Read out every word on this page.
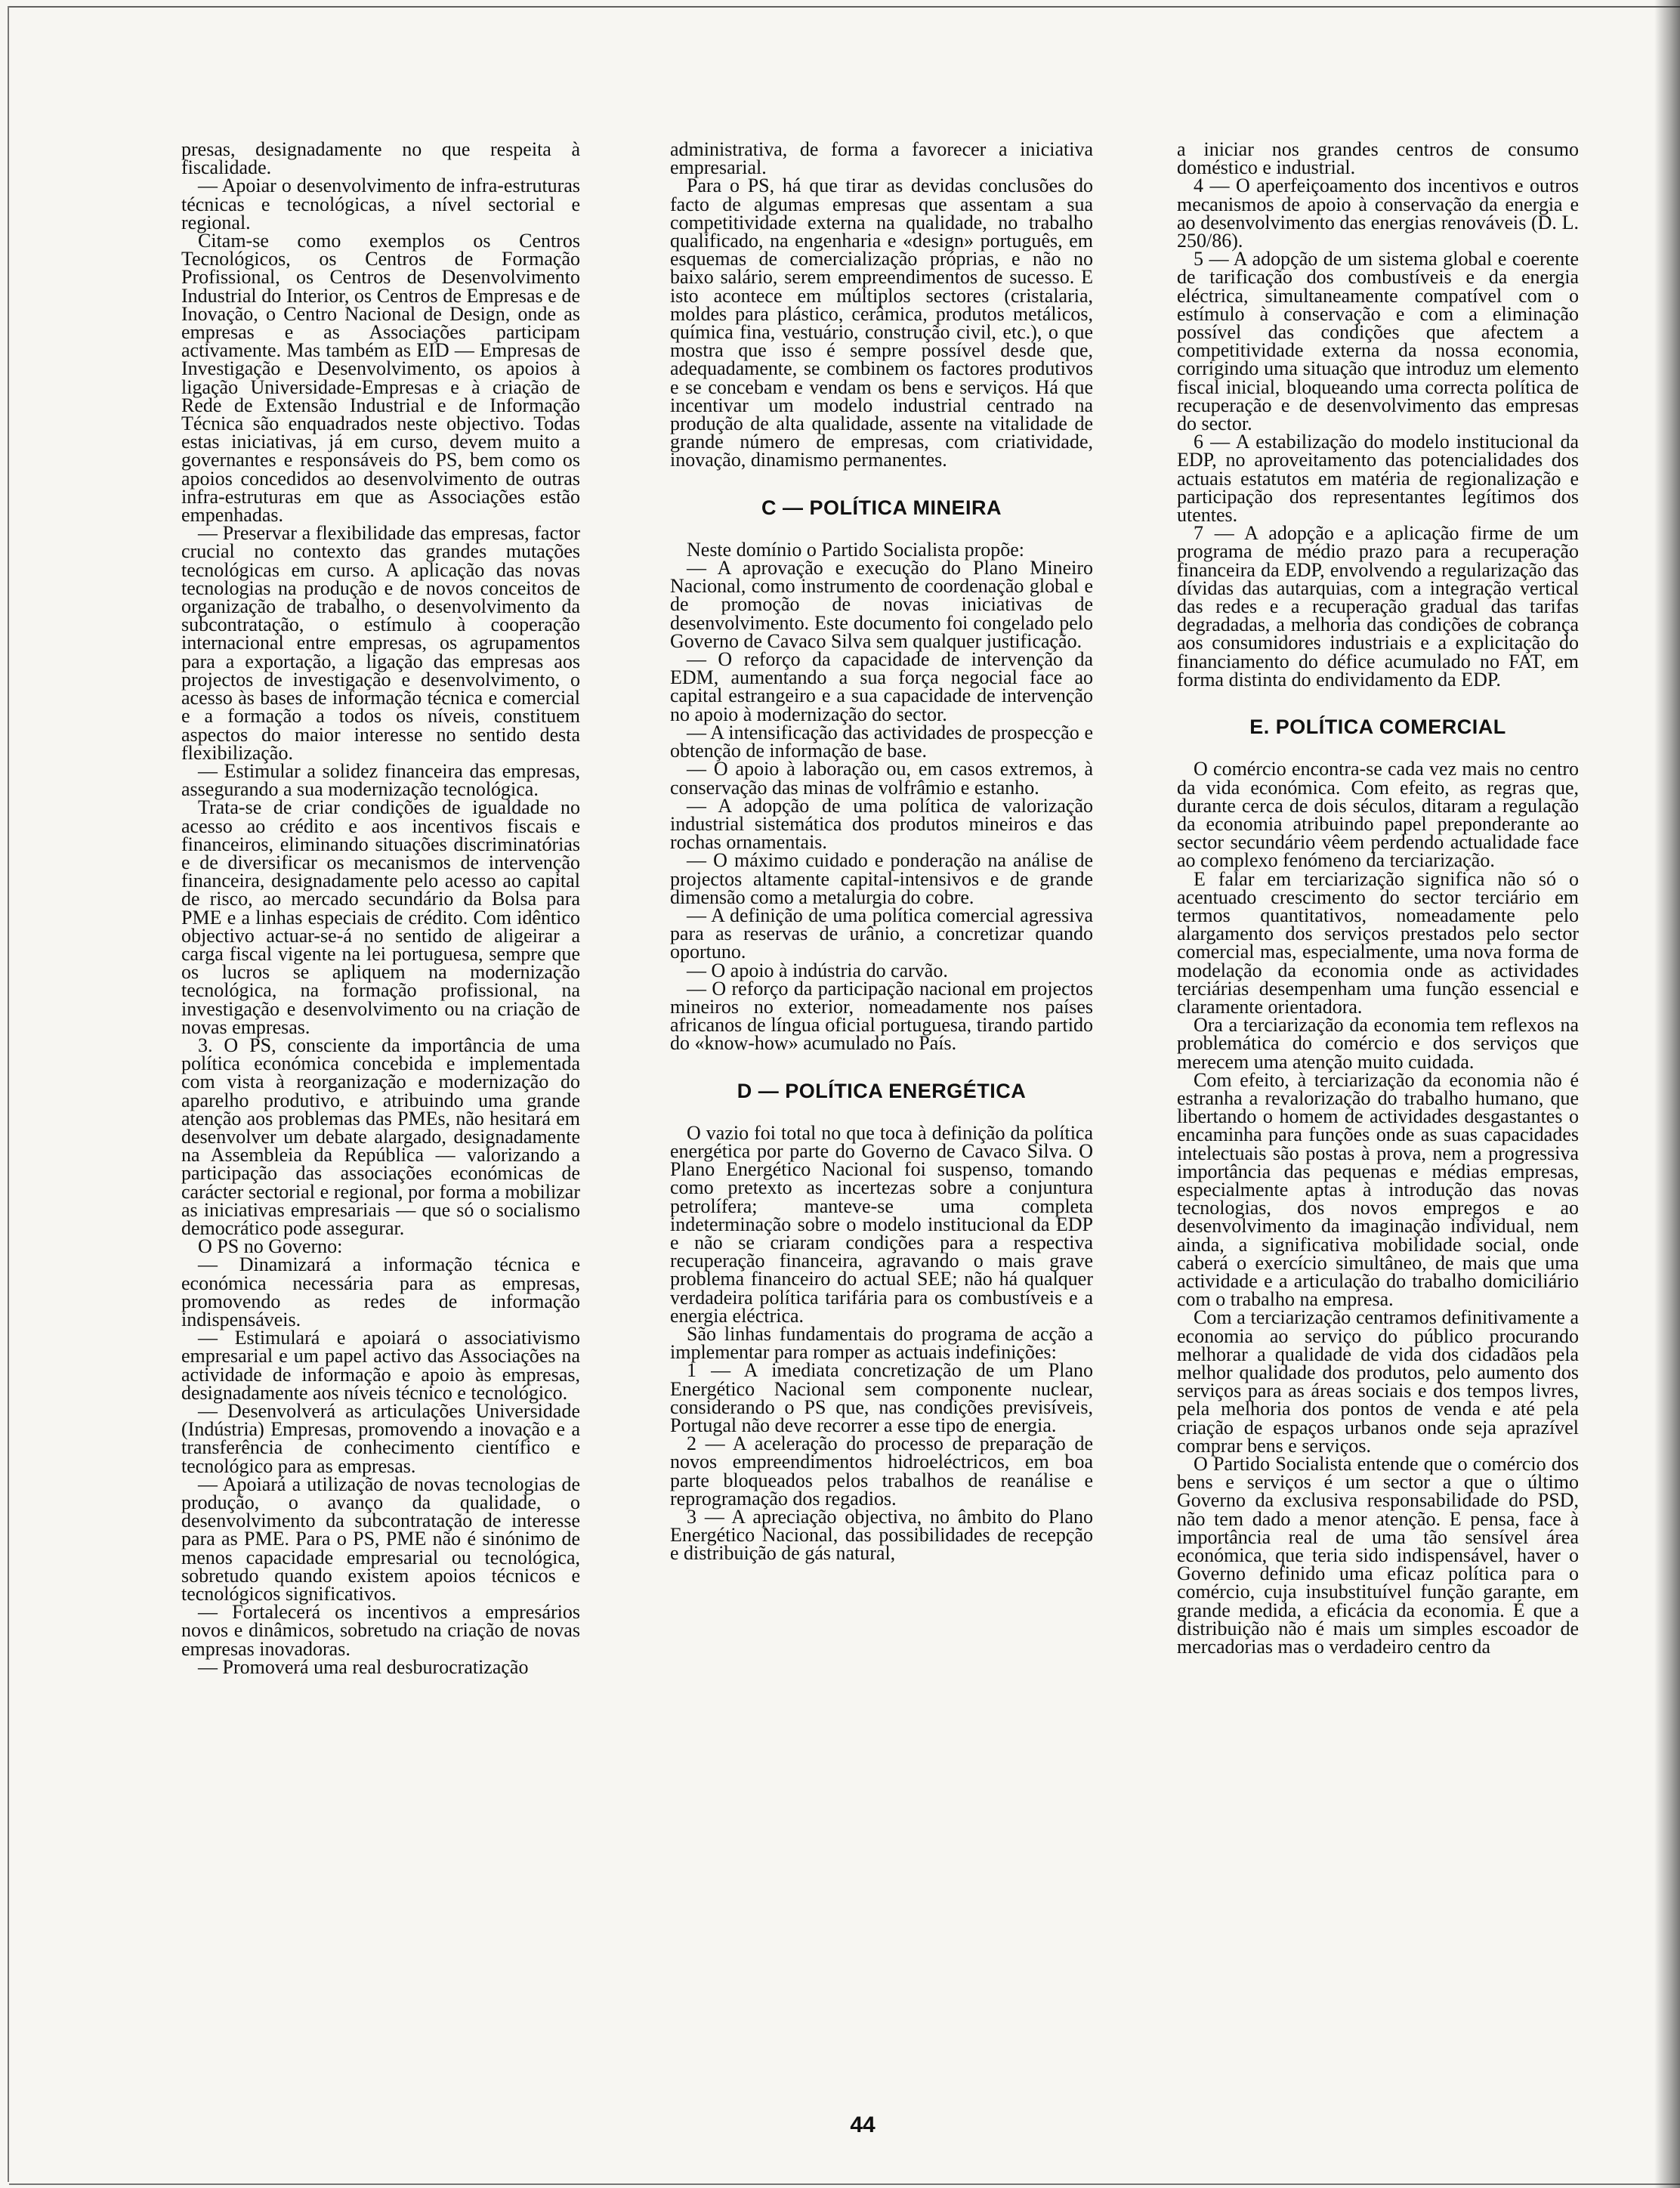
presas, designadamente no que respeita à fiscalidade.

— Apoiar o desenvolvimento de infra-estruturas técnicas e tecnológicas, a nível sectorial e regional.

Citam-se como exemplos os Centros Tecnológicos, os Centros de Formação Profissional, os Centros de Desenvolvimento Industrial do Interior, os Centros de Empresas e de Inovação, o Centro Nacional de Design, onde as empresas e as Associações participam activamente. Mas também as EID — Empresas de Investigação e Desenvolvimento, os apoios à ligação Universidade-Empresas e à criação de Rede de Extensão Industrial e de Informação Técnica são enquadrados neste objectivo. Todas estas iniciativas, já em curso, devem muito a governantes e responsáveis do PS, bem como os apoios concedidos ao desenvolvimento de outras infra-estruturas em que as Associações estão empenhadas.

— Preservar a flexibilidade das empresas, factor crucial no contexto das grandes mutações tecnológicas em curso. A aplicação das novas tecnologias na produção e de novos conceitos de organização de trabalho, o desenvolvimento da subcontratação, o estímulo à cooperação internacional entre empresas, os agrupamentos para a exportação, a ligação das empresas aos projectos de investigação e desenvolvimento, o acesso às bases de informação técnica e comercial e a formação a todos os níveis, constituem aspectos do maior interesse no sentido desta flexibilização.

— Estimular a solidez financeira das empresas, assegurando a sua modernização tecnológica.

Trata-se de criar condições de igualdade no acesso ao crédito e aos incentivos fiscais e financeiros, eliminando situações discriminatórias e de diversificar os mecanismos de intervenção financeira, designadamente pelo acesso ao capital de risco, ao mercado secundário da Bolsa para PME e a linhas especiais de crédito. Com idêntico objectivo actuar-se-á no sentido de aligeirar a carga fiscal vigente na lei portuguesa, sempre que os lucros se apliquem na modernização tecnológica, na formação profissional, na investigação e desenvolvimento ou na criação de novas empresas.

3. O PS, consciente da importância de uma política económica concebida e implementada com vista à reorganização e modernização do aparelho produtivo, e atribuindo uma grande atenção aos problemas das PMEs, não hesitará em desenvolver um debate alargado, designadamente na Assembleia da República — valorizando a participação das associações económicas de carácter sectorial e regional, por forma a mobilizar as iniciativas empresariais — que só o socialismo democrático pode assegurar.

O PS no Governo:

— Dinamizará a informação técnica e económica necessária para as empresas, promovendo as redes de informação indispensáveis.

— Estimulará e apoiará o associativismo empresarial e um papel activo das Associações na actividade de informação e apoio às empresas, designadamente aos níveis técnico e tecnológico.

— Desenvolverá as articulações Universidade (Indústria) Empresas, promovendo a inovação e a transferência de conhecimento científico e tecnológico para as empresas.

— Apoiará a utilização de novas tecnologias de produção, o avanço da qualidade, o desenvolvimento da subcontratação de interesse para as PME. Para o PS, PME não é sinónimo de menos capacidade empresarial ou tecnológica, sobretudo quando existem apoios técnicos e tecnológicos significativos.

— Fortalecerá os incentivos a empresários novos e dinâmicos, sobretudo na criação de novas empresas inovadoras.

— Promoverá uma real desburocratização

administrativa, de forma a favorecer a iniciativa empresarial.

Para o PS, há que tirar as devidas conclusões do facto de algumas empresas que assentam a sua competitividade externa na qualidade, no trabalho qualificado, na engenharia e «design» português, em esquemas de comercialização próprias, e não no baixo salário, serem empreendimentos de sucesso. E isto acontece em múltiplos sectores (cristalaria, moldes para plástico, cerâmica, produtos metálicos, química fina, vestuário, construção civil, etc.), o que mostra que isso é sempre possível desde que, adequadamente, se combinem os factores produtivos e se concebam e vendam os bens e serviços. Há que incentivar um modelo industrial centrado na produção de alta qualidade, assente na vitalidade de grande número de empresas, com criatividade, inovação, dinamismo permanentes.

C — POLÍTICA MINEIRA

Neste domínio o Partido Socialista propõe:

— A aprovação e execução do Plano Mineiro Nacional, como instrumento de coordenação global e de promoção de novas iniciativas de desenvolvimento. Este documento foi congelado pelo Governo de Cavaco Silva sem qualquer justificação.

— O reforço da capacidade de intervenção da EDM, aumentando a sua força negocial face ao capital estrangeiro e a sua capacidade de intervenção no apoio à modernização do sector.

— A intensificação das actividades de prospecção e obtenção de informação de base.

— O apoio à laboração ou, em casos extremos, à conservação das minas de volfrâmio e estanho.

— A adopção de uma política de valorização industrial sistemática dos produtos mineiros e das rochas ornamentais.

— O máximo cuidado e ponderação na análise de projectos altamente capital-intensivos e de grande dimensão como a metalurgia do cobre.

— A definição de uma política comercial agressiva para as reservas de urânio, a concretizar quando oportuno.

— O apoio à indústria do carvão.

— O reforço da participação nacional em projectos mineiros no exterior, nomeadamente nos países africanos de língua oficial portuguesa, tirando partido do «know-how» acumulado no País.

D — POLÍTICA ENERGÉTICA

O vazio foi total no que toca à definição da política energética por parte do Governo de Cavaco Silva. O Plano Energético Nacional foi suspenso, tomando como pretexto as incertezas sobre a conjuntura petrolífera; manteve-se uma completa indeterminação sobre o modelo institucional da EDP e não se criaram condições para a respectiva recuperação financeira, agravando o mais grave problema financeiro do actual SEE; não há qualquer verdadeira política tarifária para os combustíveis e a energia eléctrica.

São linhas fundamentais do programa de acção a implementar para romper as actuais indefinições:

1 — A imediata concretização de um Plano Energético Nacional sem componente nuclear, considerando o PS que, nas condições previsíveis, Portugal não deve recorrer a esse tipo de energia.

2 — A aceleração do processo de preparação de novos empreendimentos hidroeléctricos, em boa parte bloqueados pelos trabalhos de reanálise e reprogramação dos regadios.

3 — A apreciação objectiva, no âmbito do Plano Energético Nacional, das possibilidades de recepção e distribuição de gás natural,

a iniciar nos grandes centros de consumo doméstico e industrial.

4 — O aperfeiçoamento dos incentivos e outros mecanismos de apoio à conservação da energia e ao desenvolvimento das energias renováveis (D. L. 250/86).

5 — A adopção de um sistema global e coerente de tarificação dos combustíveis e da energia eléctrica, simultaneamente compatível com o estímulo à conservação e com a eliminação possível das condições que afectem a competitividade externa da nossa economia, corrigindo uma situação que introduz um elemento fiscal inicial, bloqueando uma correcta política de recuperação e de desenvolvimento das empresas do sector.

6 — A estabilização do modelo institucional da EDP, no aproveitamento das potencialidades dos actuais estatutos em matéria de regionalização e participação dos representantes legítimos dos utentes.

7 — A adopção e a aplicação firme de um programa de médio prazo para a recuperação financeira da EDP, envolvendo a regularização das dívidas das autarquias, com a integração vertical das redes e a recuperação gradual das tarifas degradadas, a melhoria das condições de cobrança aos consumidores industriais e a explicitação do financiamento do défice acumulado no FAT, em forma distinta do endividamento da EDP.

E. POLÍTICA COMERCIAL

O comércio encontra-se cada vez mais no centro da vida económica. Com efeito, as regras que, durante cerca de dois séculos, ditaram a regulação da economia atribuindo papel preponderante ao sector secundário vêem perdendo actualidade face ao complexo fenómeno da terciarização.

E falar em terciarização significa não só o acentuado crescimento do sector terciário em termos quantitativos, nomeadamente pelo alargamento dos serviços prestados pelo sector comercial mas, especialmente, uma nova forma de modelação da economia onde as actividades terciárias desempenham uma função essencial e claramente orientadora.

Ora a terciarização da economia tem reflexos na problemática do comércio e dos serviços que merecem uma atenção muito cuidada.

Com efeito, à terciarização da economia não é estranha a revalorização do trabalho humano, que libertando o homem de actividades desgastantes o encaminha para funções onde as suas capacidades intelectuais são postas à prova, nem a progressiva importância das pequenas e médias empresas, especialmente aptas à introdução das novas tecnologias, dos novos empregos e ao desenvolvimento da imaginação individual, nem ainda, a significativa mobilidade social, onde caberá o exercício simultâneo, de mais que uma actividade e a articulação do trabalho domiciliário com o trabalho na empresa.

Com a terciarização centramos definitivamente a economia ao serviço do público procurando melhorar a qualidade de vida dos cidadãos pela melhor qualidade dos produtos, pelo aumento dos serviços para as áreas sociais e dos tempos livres, pela melhoria dos pontos de venda e até pela criação de espaços urbanos onde seja aprazível comprar bens e serviços.

O Partido Socialista entende que o comércio dos bens e serviços é um sector a que o último Governo da exclusiva responsabilidade do PSD, não tem dado a menor atenção. E pensa, face à importância real de uma tão sensível área económica, que teria sido indispensável, haver o Governo definido uma eficaz política para o comércio, cuja insubstituível função garante, em grande medida, a eficácia da economia. É que a distribuição não é mais um simples escoador de mercadorias mas o verdadeiro centro da

44
